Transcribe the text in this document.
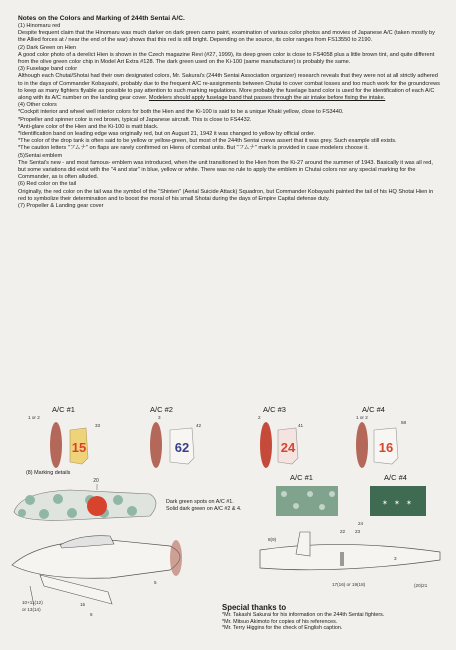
Notes on the Colors and Marking of 244th Sentai A/C.

(1) Hinomaru red

Despite frequent claim that the Hinomaru was much darker on dark green camo paint, examination of various color photos and movies of Japanese A/C (taken mostly by the Allied forces at / near the end of the war) shows that this red is still bright. Depending on the source, its color ranges from FS13550 to 2190.

(2) Dark Green on Hien

A good color photo of a derelict Hien is shown in the Czech magazine Revi (#27, 1999), its deep green color is close to FS4058 plus a little brown tint, and quite different from the olive green color chip in Model Art Extra #128. The dark green used on the Ki-100 (same manufacturer) is probably the same.

(3) Fuselage band color

Although each Chutai/Shotai had their own designated colors, Mr. Sakurai's (244th Sentai Association organizer) research reveals that they were not at all strictly adhered to in the days of Commander Kobayashi, probably due to the frequent A/C re-assignments between Chutai to cover combat losses and too much work for the groundcrews to keep as many fighters flyable as possible to pay attention to such marking regulations. More probably the fuselage band color is used for the identification of each A/C along with its A/C number on the landing gear cover. Modelers should apply fuselage band that passes through the air intake before fixing the intake.

(4) Other colors

*Cockpit interior and wheel well interior colors for both the Hien and the Ki-100 is said to be a unique Khaki yellow, close to FS3440.

*Propeller and spinner color is red brown, typical of Japanese aircraft. This is close to FS4432.

*Anti-glare color of the Hien and the Ki-100 is matt black.

*Identification band on leading edge was originally red, but on August 21, 1942 it was changed to yellow by official order.

*The color of the drop tank is often said to be yellow or yellow-green, but most of the 244th Sentai crews assert that it was grey. Such example still exists.

*The caution letters "フムナ" on flaps are rarely confirmed on Hiens of combat units. But "フムナ" mark is provided in case modelers choose it.

(5)Sentai emblem

The Sentai's new - and most famous- emblem was introduced, when the unit transitioned to the Hien from the Ki-27 around the summer of 1943. Basically it was all red, but some variations did exist with the "4 and star" in blue, yellow or white. There was no rule to apply the emblem in Chutai colors nor any special marking for the Commander, as is often alluded.

(6) Red color on the tail

Originally, the red color on the tail was the symbol of the "Shinten" (Aerial Suicide Attack) Squadron, but Commander Kobayashi painted the tail of his HQ Shotai Hien in red to symbolize their determination and to boost the moral of his small Shotai during the days of Empire Capital defense duty.

(7) Propeller & Landing gear cover

A/C #1	A/C #2	A/C #3	A/C #4
1 or 2
33
3
42
2
41
1 or 2
58
15	62	24	16
20
✶ ✶ ✶
(8) Marking details
Dark green spots on A/C #1.
Solid dark green on A/C #2 & 4.
A/C #1	A/C #4
8(9)
22 23
24
10+11(12)
or 13(14)
15
6
5	17(16) or 19(18)	(20)21
3
Special thanks to
*Mr. Takashi Sakurai for his information on the 244th Sentai fighters.
*Mr. Mitsuo Akimoto for copies of his references.
*Mr. Terry Higgins for the check of English caption.
